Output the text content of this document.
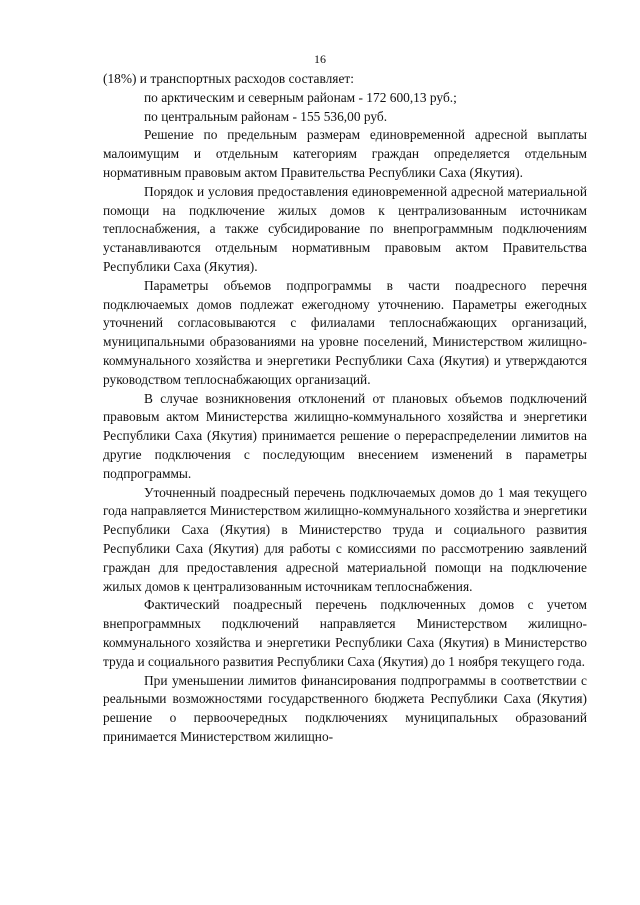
16

(18%) и транспортных расходов составляет:

по арктическим и северным районам - 172 600,13 руб.;

по центральным районам - 155 536,00 руб.

Решение по предельным размерам единовременной адресной выплаты малоимущим и отдельным категориям граждан определяется отдельным нормативным правовым актом Правительства Республики Саха (Якутия).

Порядок и условия предоставления единовременной адресной материальной помощи на подключение жилых домов к централизованным источникам теплоснабжения, а также субсидирование по внепрограммным подключениям устанавливаются отдельным нормативным правовым актом Правительства Республики Саха (Якутия).

Параметры объемов подпрограммы в части поадресного перечня подключаемых домов подлежат ежегодному уточнению. Параметры ежегодных уточнений согласовываются с филиалами теплоснабжающих организаций, муниципальными образованиями на уровне поселений, Министерством жилищно-коммунального хозяйства и энергетики Республики Саха (Якутия) и утверждаются руководством теплоснабжающих организаций.

В случае возникновения отклонений от плановых объемов подключений правовым актом Министерства жилищно-коммунального хозяйства и энергетики Республики Саха (Якутия) принимается решение о перераспределении лимитов на другие подключения с последующим внесением изменений в параметры подпрограммы.

Уточненный поадресный перечень подключаемых домов до 1 мая текущего года направляется Министерством жилищно-коммунального хозяйства и энергетики Республики Саха (Якутия) в Министерство труда и социального развития Республики Саха (Якутия) для работы с комиссиями по рассмотрению заявлений граждан для предоставления адресной материальной помощи на подключение жилых домов к централизованным источникам теплоснабжения.

Фактический поадресный перечень подключенных домов с учетом внепрограммных подключений направляется Министерством жилищно-коммунального хозяйства и энергетики Республики Саха (Якутия) в Министерство труда и социального развития Республики Саха (Якутия) до 1 ноября текущего года.

При уменьшении лимитов финансирования подпрограммы в соответствии с реальными возможностями государственного бюджета Республики Саха (Якутия) решение о первоочередных подключениях муниципальных образований принимается Министерством жилищно-
